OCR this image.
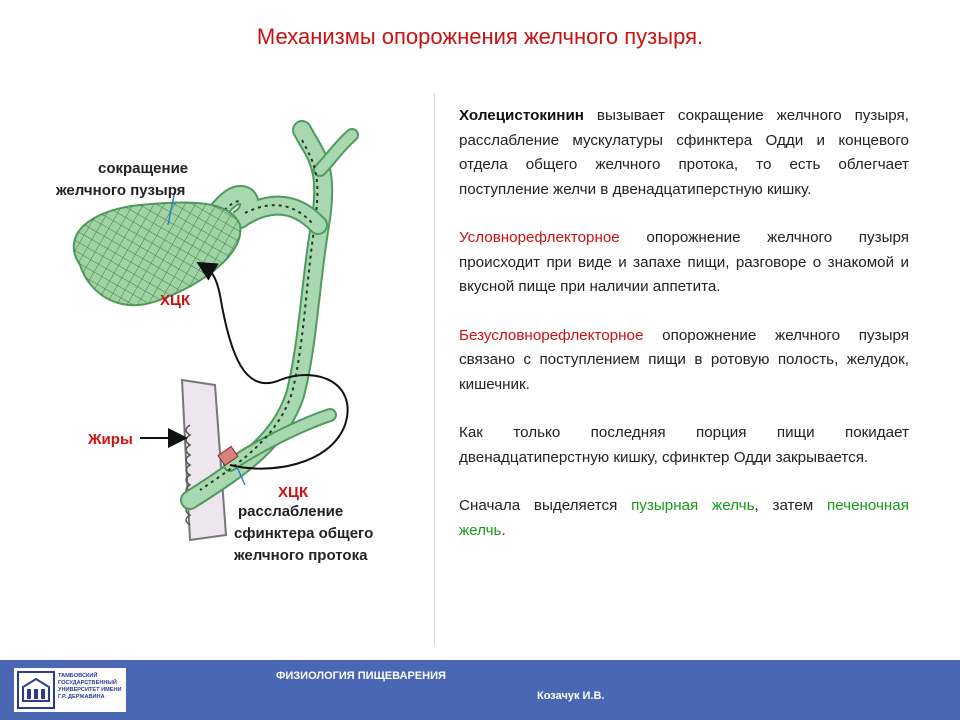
Механизмы опорожнения желчного пузыря.
сокращение
желчного пузыря
ХЦК
Жиры
ХЦК
расслабление
сфинктера общего
желчного протока

Холецистокинин вызывает сокращение желчного пузыря, расслабление мускулатуры сфинктера Одди и концевого отдела общего желчного протока, то есть облегчает поступление желчи в двенадцатиперстную кишку.

Условнорефлекторное опорожнение желчного пузыря происходит при виде и запахе пищи, разговоре о знакомой и вкусной пище при наличии аппетита.

Безусловнорефлекторное опорожнение желчного пузыря связано с поступлением пищи в ротовую полость, желудок, кишечник.

Как только последняя порция пищи покидает двенадцатиперстную кишку, сфинктер Одди закрывается.

Сначала выделяется пузырная желчь, затем печеночная желчь.

ТАМБОВСКИЙ ГОСУДАРСТВЕННЫЙ УНИВЕРСИТЕТ ИМЕНИ Г.Р. ДЕРЖАВИНА
ФИЗИОЛОГИЯ ПИЩЕВАРЕНИЯ
Козачук И.В.
